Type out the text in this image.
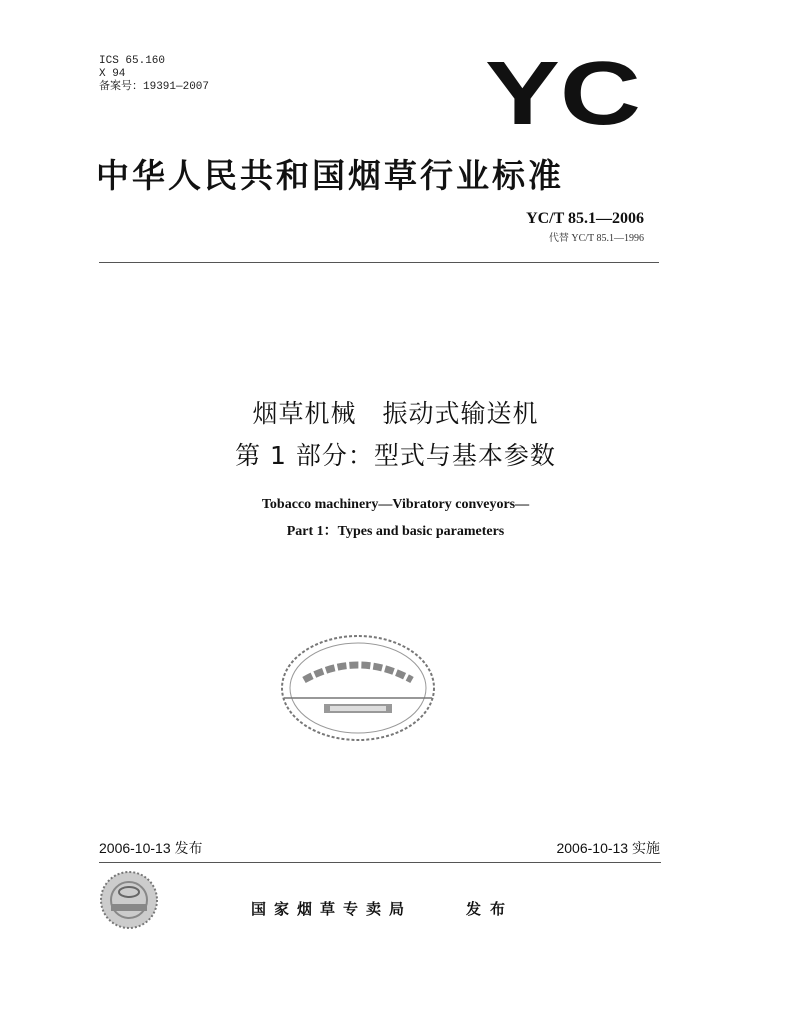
ICS 65.160
X 94
备案号：19391—2007	YC
中华人民共和国烟草行业标准
YC/T 85.1—2006
代替 YC/T 85.1—1996
烟草机械　振动式输送机
第 1 部分：型式与基本参数
Tobacco machinery—Vibratory conveyors—
Part 1：Types and basic parameters
2006-10-13 发布	2006-10-13 实施
国家烟草专卖局	发布
